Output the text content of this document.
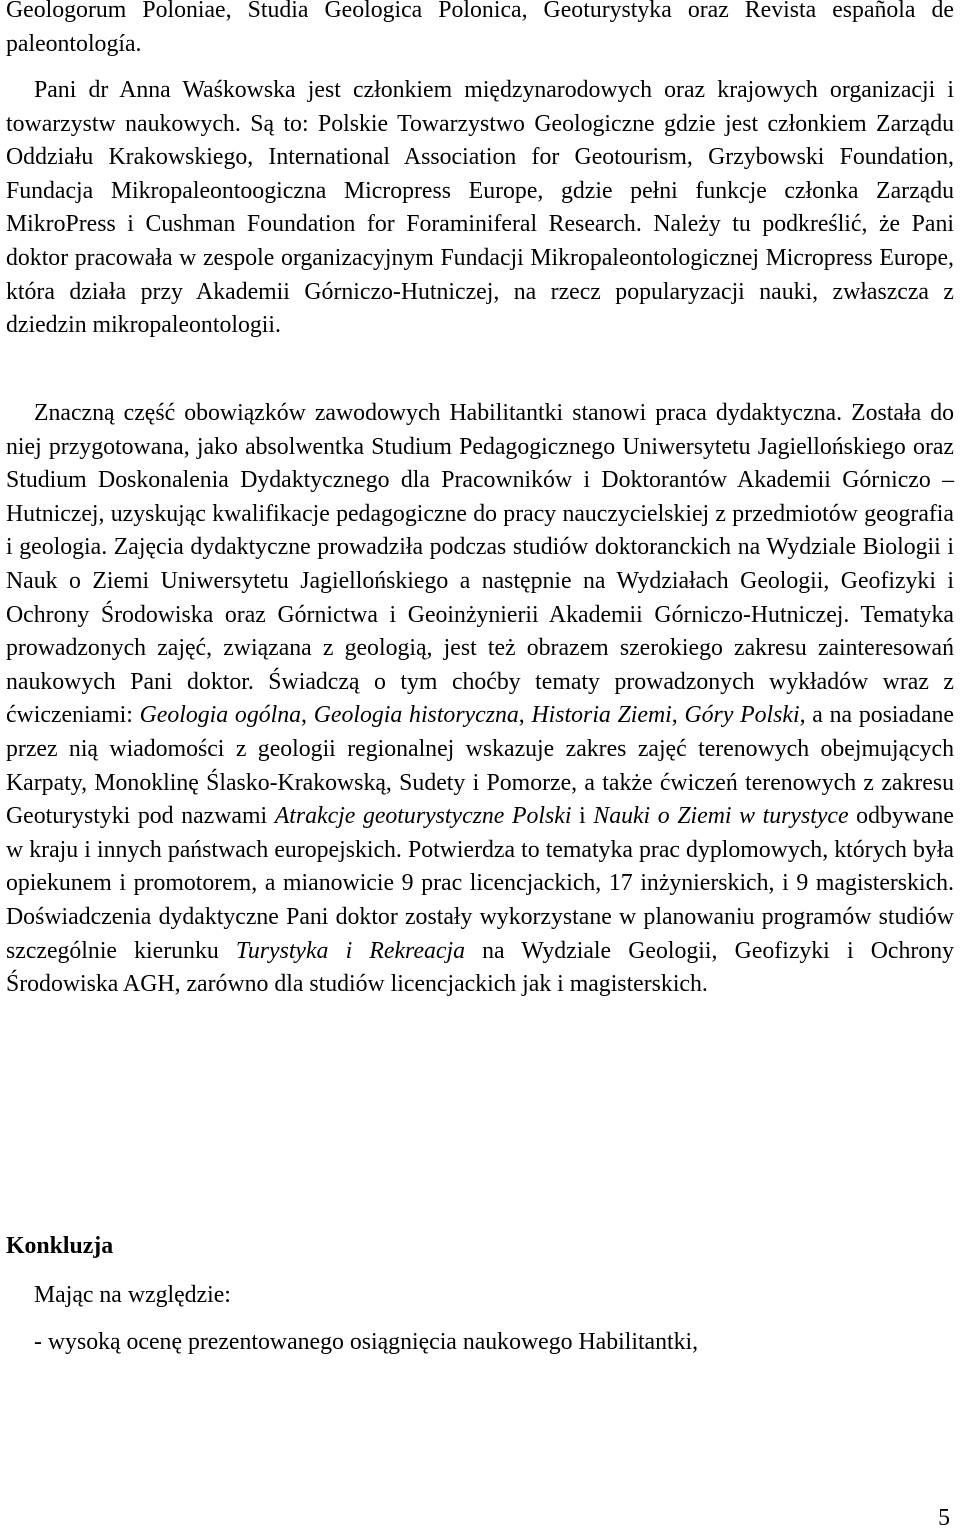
Geologorum Poloniae, Studia Geologica Polonica, Geoturystyka oraz Revista española de paleontología.

Pani dr Anna Waśkowska jest członkiem międzynarodowych oraz krajowych organizacji i towarzystw naukowych. Są to: Polskie Towarzystwo Geologiczne gdzie jest członkiem Zarządu Oddziału Krakowskiego, International Association for Geotourism, Grzybowski Foundation, Fundacja Mikropaleontoogiczna Micropress Europe, gdzie pełni funkcje członka Zarządu MikroPress i Cushman Foundation for Foraminiferal Research. Należy tu podkreślić, że Pani doktor pracowała w zespole organizacyjnym Fundacji Mikropaleontologicznej Micropress Europe, która działa przy Akademii Górniczo-Hutniczej, na rzecz popularyzacji nauki, zwłaszcza z dziedzin mikropaleontologii.

Znaczną część obowiązków zawodowych Habilitantki stanowi praca dydaktyczna. Została do niej przygotowana, jako absolwentka Studium Pedagogicznego Uniwersytetu Jagiellońskiego oraz Studium Doskonalenia Dydaktycznego dla Pracowników i Doktorantów Akademii Górniczo – Hutniczej, uzyskując kwalifikacje pedagogiczne do pracy nauczycielskiej z przedmiotów geografia i geologia. Zajęcia dydaktyczne prowadziła podczas studiów doktoranckich na Wydziale Biologii i Nauk o Ziemi Uniwersytetu Jagiellońskiego a następnie na Wydziałach Geologii, Geofizyki i Ochrony Środowiska oraz Górnictwa i Geoinżynierii Akademii Górniczo-Hutniczej. Tematyka prowadzonych zajęć, związana z geologią, jest też obrazem szerokiego zakresu zainteresowań naukowych Pani doktor. Świadczą o tym choćby tematy prowadzonych wykładów wraz z ćwiczeniami: Geologia ogólna, Geologia historyczna, Historia Ziemi, Góry Polski, a na posiadane przez nią wiadomości z geologii regionalnej wskazuje zakres zajęć terenowych obejmujących Karpaty, Monoklinę Ślasko-Krakowską, Sudety i Pomorze, a także ćwiczeń terenowych z zakresu Geoturystyki pod nazwami Atrakcje geoturystyczne Polski i Nauki o Ziemi w turystyce odbywane w kraju i innych państwach europejskich. Potwierdza to tematyka prac dyplomowych, których była opiekunem i promotorem, a mianowicie 9 prac licencjackich, 17 inżynierskich, i 9 magisterskich. Doświadczenia dydaktyczne Pani doktor zostały wykorzystane w planowaniu programów studiów szczególnie kierunku Turystyka i Rekreacja na Wydziale Geologii, Geofizyki i Ochrony Środowiska AGH, zarówno dla studiów licencjackich jak i magisterskich.

Konkluzja

Mając na względzie:

- wysoką ocenę prezentowanego osiągnięcia naukowego Habilitantki,

5
